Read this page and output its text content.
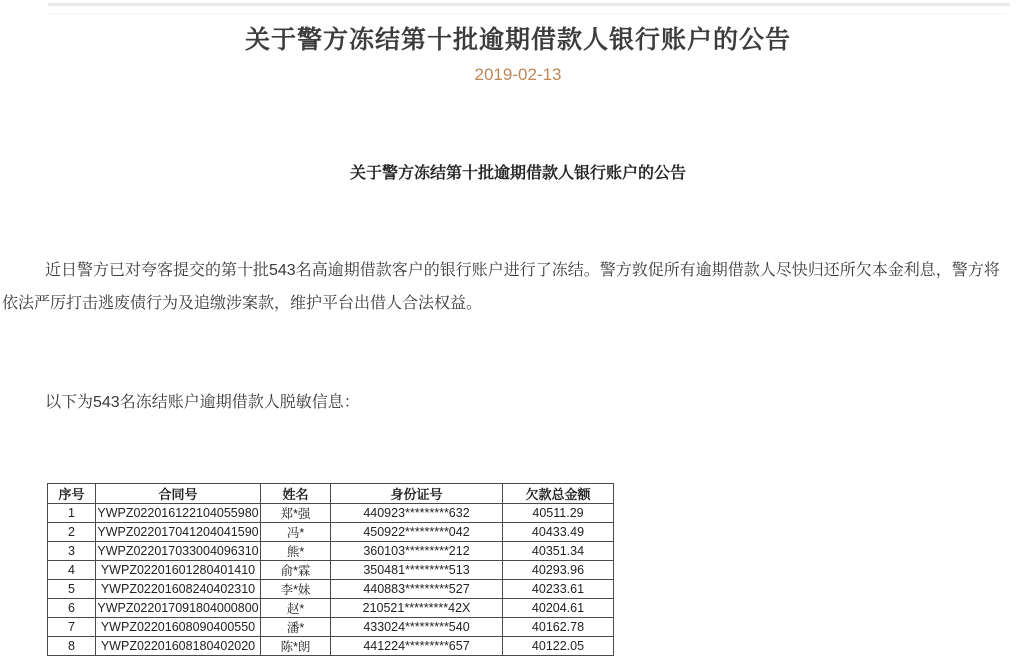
关于警方冻结第十批逾期借款人银行账户的公告
2019-02-13
关于警方冻结第十批逾期借款人银行账户的公告

近日警方已对夸客提交的第十批543名高逾期借款客户的银行账户进行了冻结。警方敦促所有逾期借款人尽快归还所欠本金利息，警方将
依法严厉打击逃废债行为及追缴涉案款，维护平台出借人合法权益。

以下为543名冻结账户逾期借款人脱敏信息：
序号	合同号	姓名	身份证号	欠款总金额
1	YWPZ022016122104055980	郑*强	440923*********632	40511.29
2	YWPZ022017041204041590	冯*	450922*********042	40433.49
3	YWPZ022017033004096310	熊*	360103*********212	40351.34
4	YWPZ02201601280401410	俞*霖	350481*********513	40293.96
5	YWPZ02201608240402310	李*妹	440883*********527	40233.61
6	YWPZ022017091804000800	赵*	210521*********42X	40204.61
7	YWPZ02201608090400550	潘*	433024*********540	40162.78
8	YWPZ02201608180402020	陈*朗	441224*********657	40122.05
